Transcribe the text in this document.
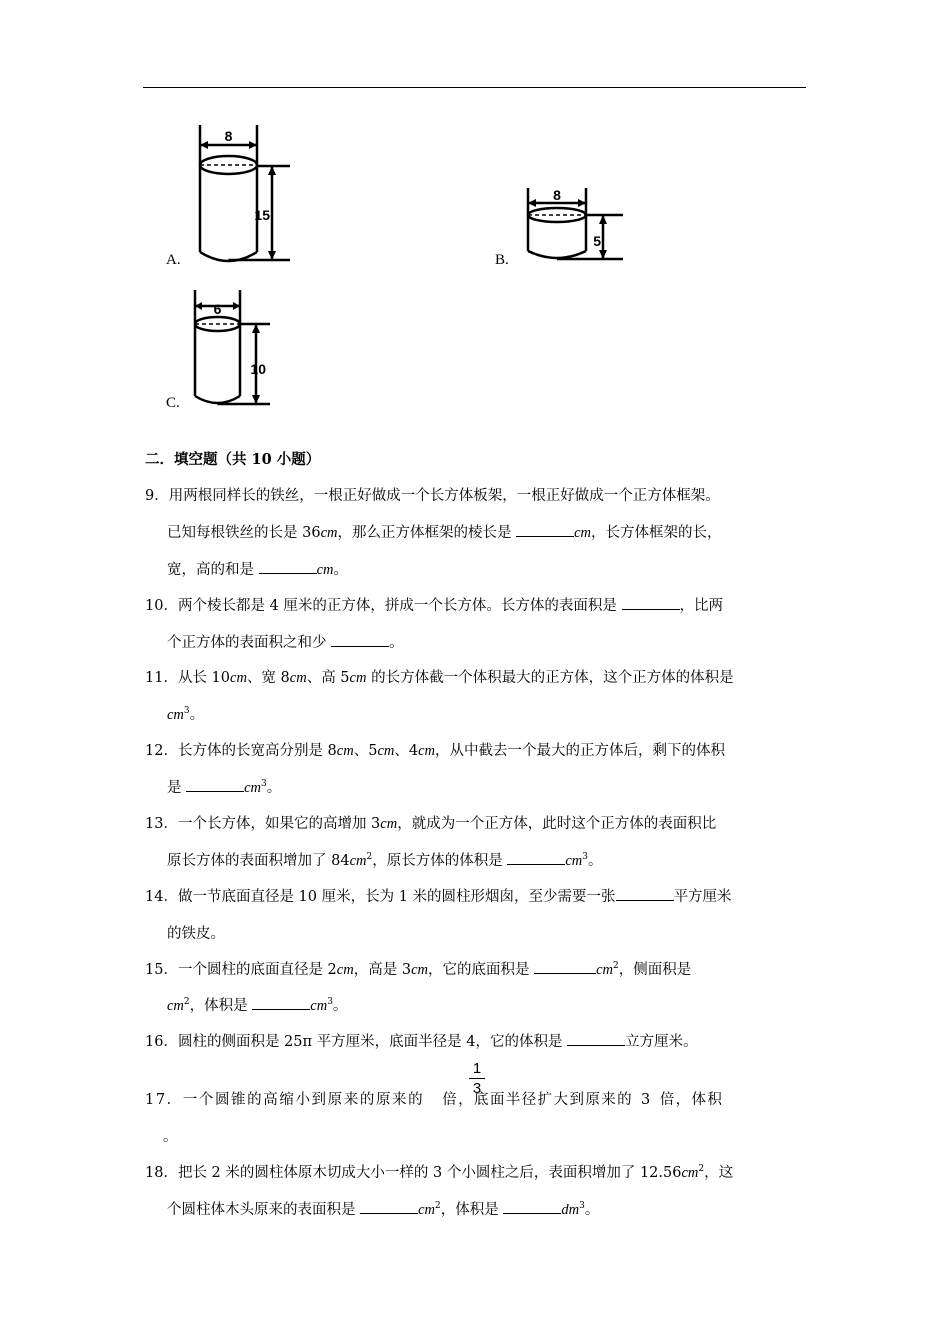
8
15
A.
8
5
B.
6
10
C.
二．填空题（共 10 小题）
9．用两根同样长的铁丝，一根正好做成一个长方体板架，一根正好做成一个正方体框架。
已知每根铁丝的长是 36cm，那么正方体框架的棱长是	cm，长方体框架的长，
宽，高的和是	cm。
10．两个棱长都是 4 厘米的正方体，拼成一个长方体。长方体的表面积是	，比两
个正方体的表面积之和少	。
11．从长 10cm、宽 8cm、高 5cm 的长方体截一个体积最大的正方体，这个正方体的体积是
$cm^3$。
12．长方体的长宽高分别是 8cm、5cm、4cm，从中截去一个最大的正方体后，剩下的体积
是	$cm^3$。
13．一个长方体，如果它的高增加 3cm，就成为一个正方体，此时这个正方体的表面积比
原长方体的表面积增加了 $84cm^2$，原长方体的体积是	$cm^3$。
14．做一节底面直径是 10 厘米，长为 1 米的圆柱形烟囱，至少需要一张	平方厘米
的铁皮。
15．一个圆柱的底面直径是 2cm，高是 3cm，它的底面积是	$cm^2$，侧面积是
$cm^2$，体积是	$cm^3$。
16．圆柱的侧面积是 25π 平方厘米，底面半径是 4，它的体积是	立方厘米。
1
3
17．一个圆锥的高缩小到原来的原来的 倍，底面半径扩大到原来的 3 倍，体积
。
18．把长 2 米的圆柱体原木切成大小一样的 3 个小圆柱之后，表面积增加了 $12.56cm^2$，这
个圆柱体木头原来的表面积是	$cm^2$，体积是	$dm^3$。
